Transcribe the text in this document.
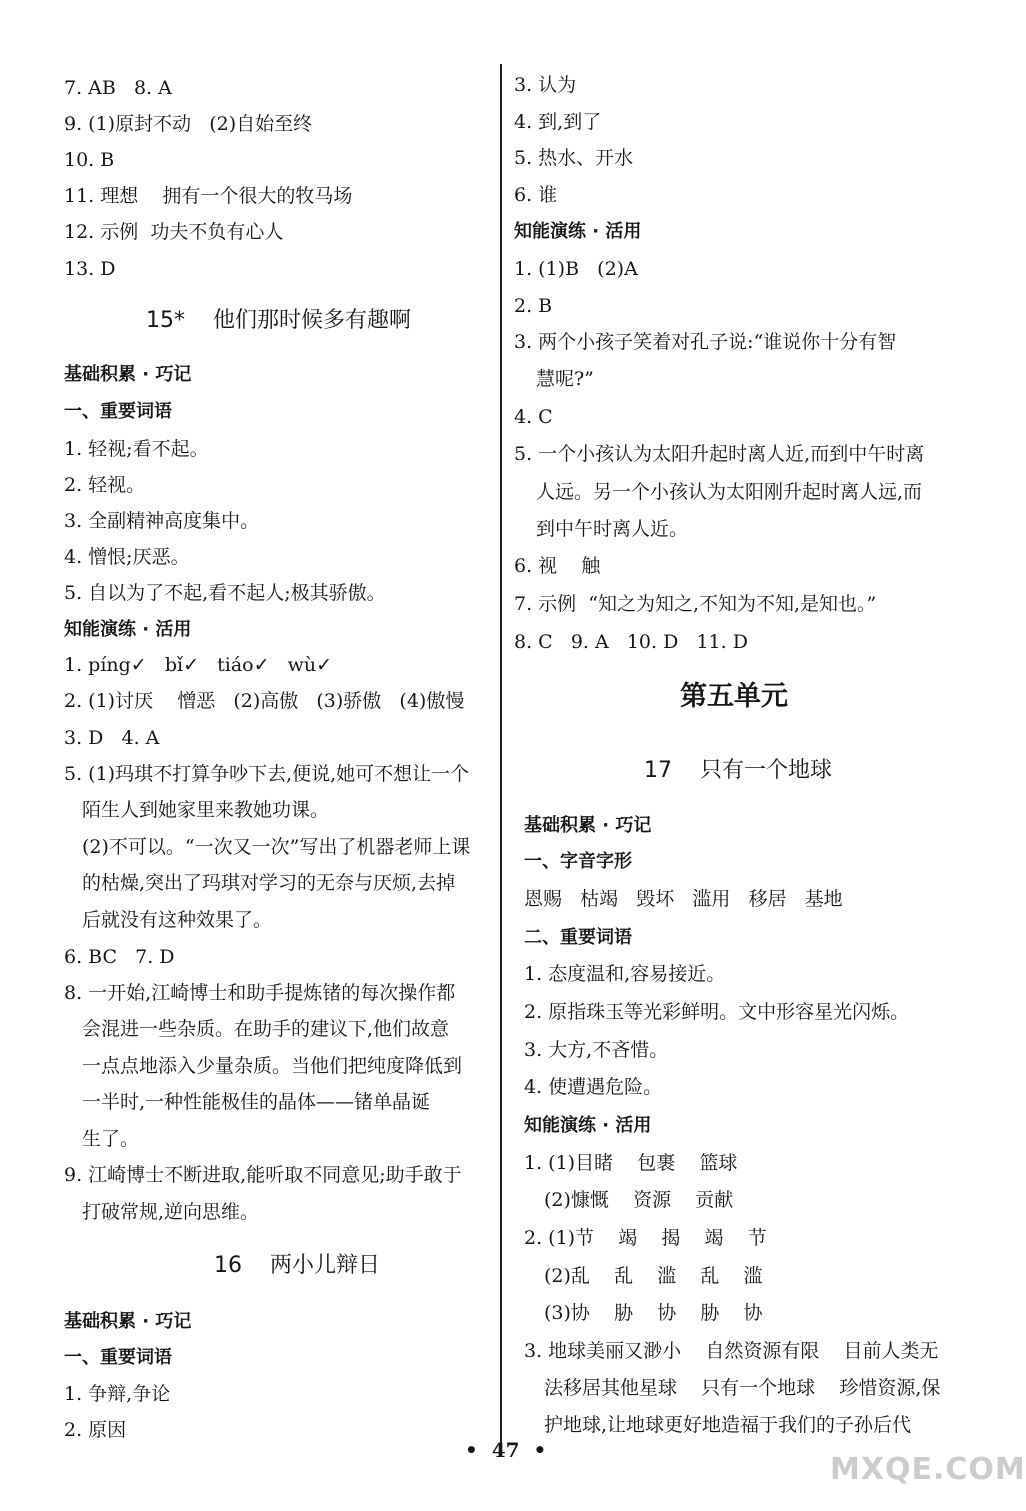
7. AB   8. A
9. (1)原封不动   (2)自始至终
10. B
11. 理想    拥有一个很大的牧马场
12. 示例  功夫不负有心人
13. D
15*    他们那时候多有趣啊
基础积累 · 巧记
一、重要词语
1. 轻视;看不起。
2. 轻视。
3. 全副精神高度集中。
4. 憎恨;厌恶。
5. 自以为了不起,看不起人;极其骄傲。
知能演练 · 活用
1. píng✓   bǐ✓   tiáo✓   wù✓
2. (1)讨厌    憎恶   (2)高傲   (3)骄傲   (4)傲慢
3. D   4. A
5. (1)玛琪不打算争吵下去,便说,她可不想让一个
陌生人到她家里来教她功课。
(2)不可以。“一次又一次”写出了机器老师上课
的枯燥,突出了玛琪对学习的无奈与厌烦,去掉
后就没有这种效果了。
6. BC   7. D
8. 一开始,江崎博士和助手提炼锗的每次操作都
会混进一些杂质。在助手的建议下,他们故意
一点点地添入少量杂质。当他们把纯度降低到
一半时,一种性能极佳的晶体——锗单晶诞
生了。
9. 江崎博士不断进取,能听取不同意见;助手敢于
打破常规,逆向思维。
16    两小儿辩日
基础积累 · 巧记
一、重要词语
1. 争辩,争论
2. 原因
3. 认为
4. 到,到了
5. 热水、开水
6. 谁
知能演练 · 活用
1. (1)B   (2)A
2. B
3. 两个小孩子笑着对孔子说:“谁说你十分有智
慧呢?”
4. C
5. 一个小孩认为太阳升起时离人近,而到中午时离
人远。另一个小孩认为太阳刚升起时离人远,而
到中午时离人近。
6. 视    触
7. 示例  “知之为知之,不知为不知,是知也。”
8. C   9. A   10. D   11. D
第五单元
17    只有一个地球
基础积累 · 巧记
一、字音字形
恩赐   枯竭   毁坏   滥用   移居   基地
二、重要词语
1. 态度温和,容易接近。
2. 原指珠玉等光彩鲜明。文中形容星光闪烁。
3. 大方,不吝惜。
4. 使遭遇危险。
知能演练 · 活用
1. (1)目睹    包裹    篮球
(2)慷慨    资源    贡献
2. (1)节    竭    揭    竭    节
(2)乱    乱    滥    乱    滥
(3)协    胁    协    胁    协
3. 地球美丽又渺小    自然资源有限    目前人类无
法移居其他星球    只有一个地球    珍惜资源,保
护地球,让地球更好地造福于我们的子孙后代
•  47  •
MXQE.COM
